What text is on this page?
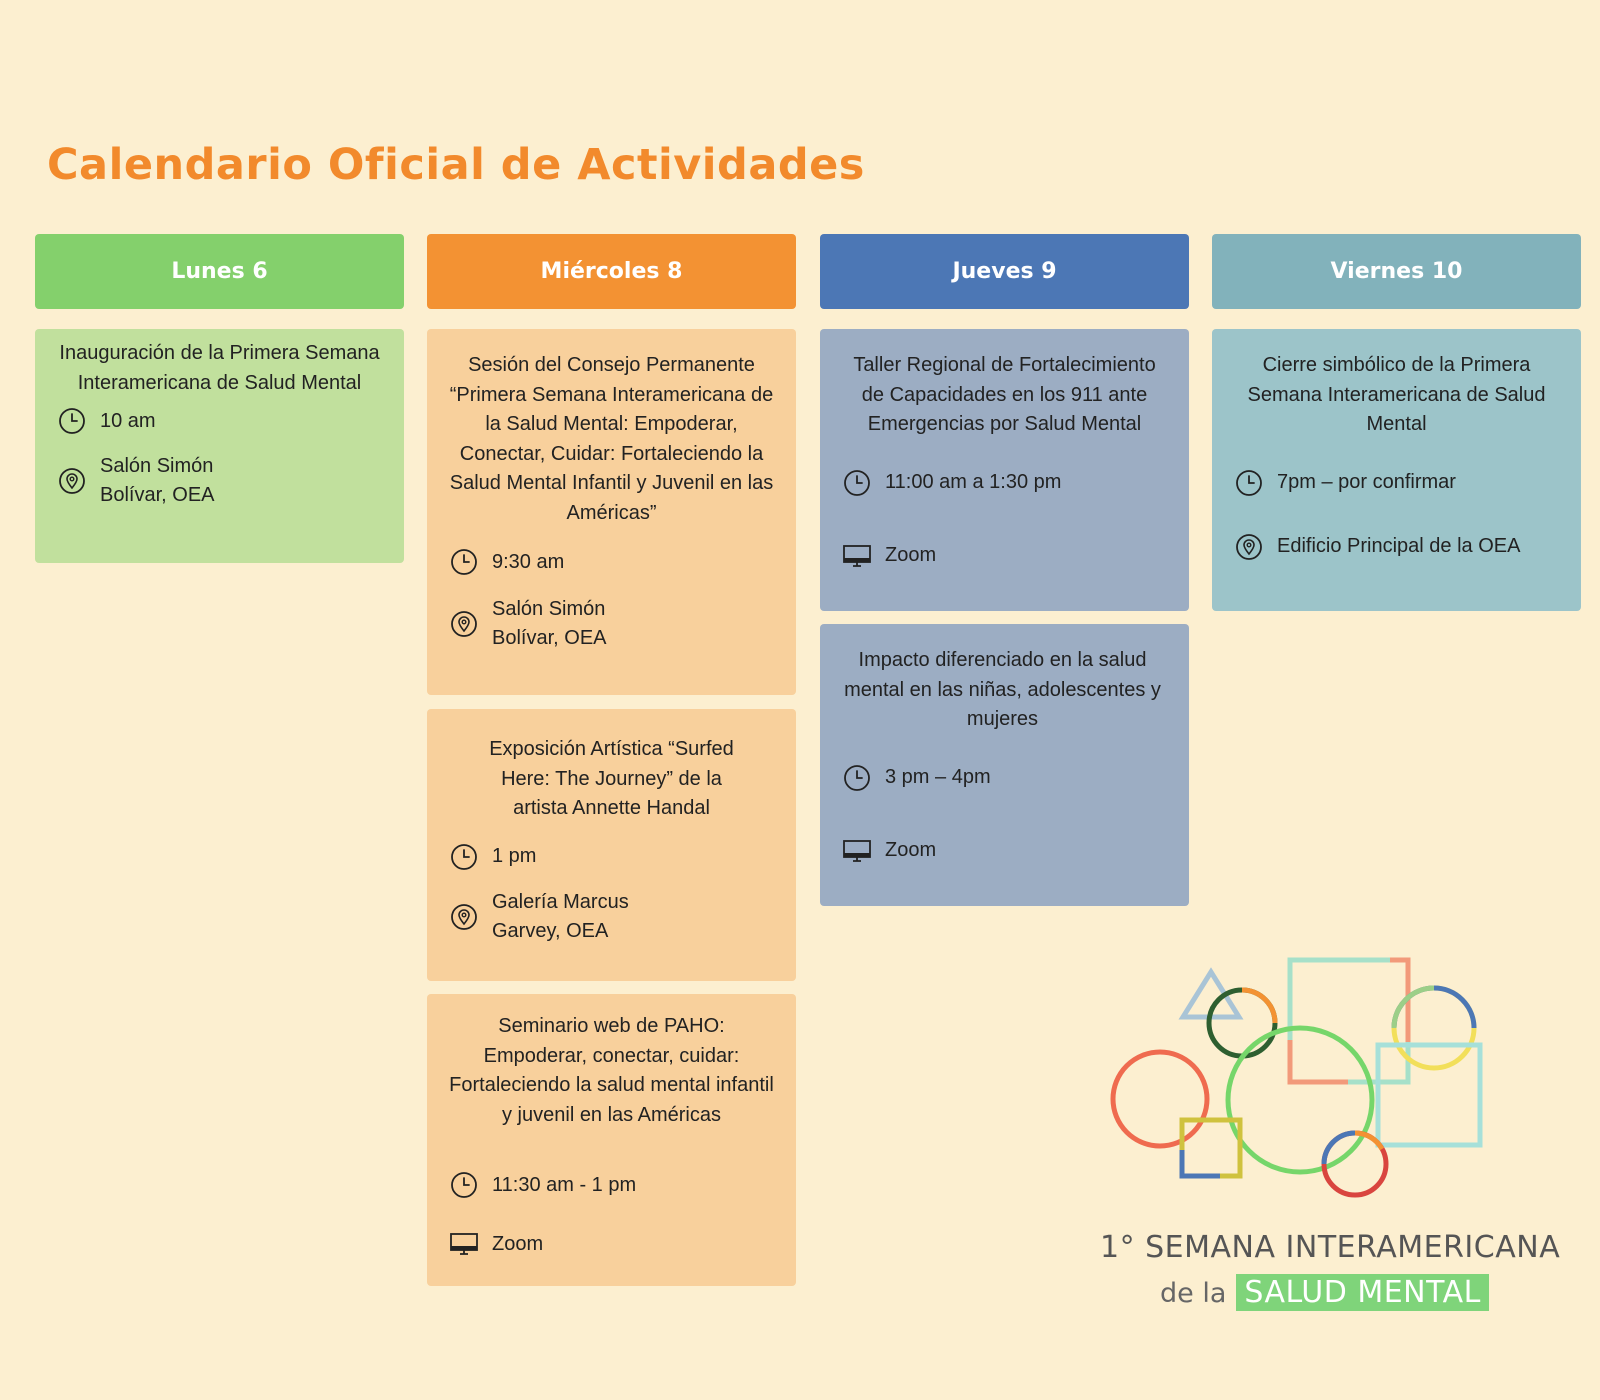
Calendario Oficial de Actividades
Lunes 6
Inauguración de la Primera Semana Interamericana de Salud Mental
10 am
Salón Simón
Bolívar, OEA
Miércoles 8
Sesión del Consejo Permanente “Primera Semana Interamericana de la Salud Mental: Empoderar, Conectar, Cuidar: Fortaleciendo la Salud Mental Infantil y Juvenil en las Américas”
9:30 am
Salón Simón
Bolívar, OEA
Exposición Artística “Surfed Here: The Journey” de la artista Annette Handal
1 pm
Galería Marcus
Garvey, OEA
Seminario web de PAHO: Empoderar, conectar, cuidar: Fortaleciendo la salud mental infantil y juvenil en las Américas
11:30 am - 1 pm
Zoom
Jueves 9
Taller Regional de Fortalecimiento de Capacidades en los 911 ante Emergencias por Salud Mental
11:00 am a 1:30 pm
Zoom
Impacto diferenciado en la salud mental en las niñas, adolescentes y mujeres
3 pm – 4pm
Zoom
Viernes 10
Cierre simbólico de la Primera Semana Interamericana de Salud Mental
7pm – por confirmar
Edificio Principal de la OEA
1° SEMANA INTERAMERICANA
de la SALUD MENTAL
